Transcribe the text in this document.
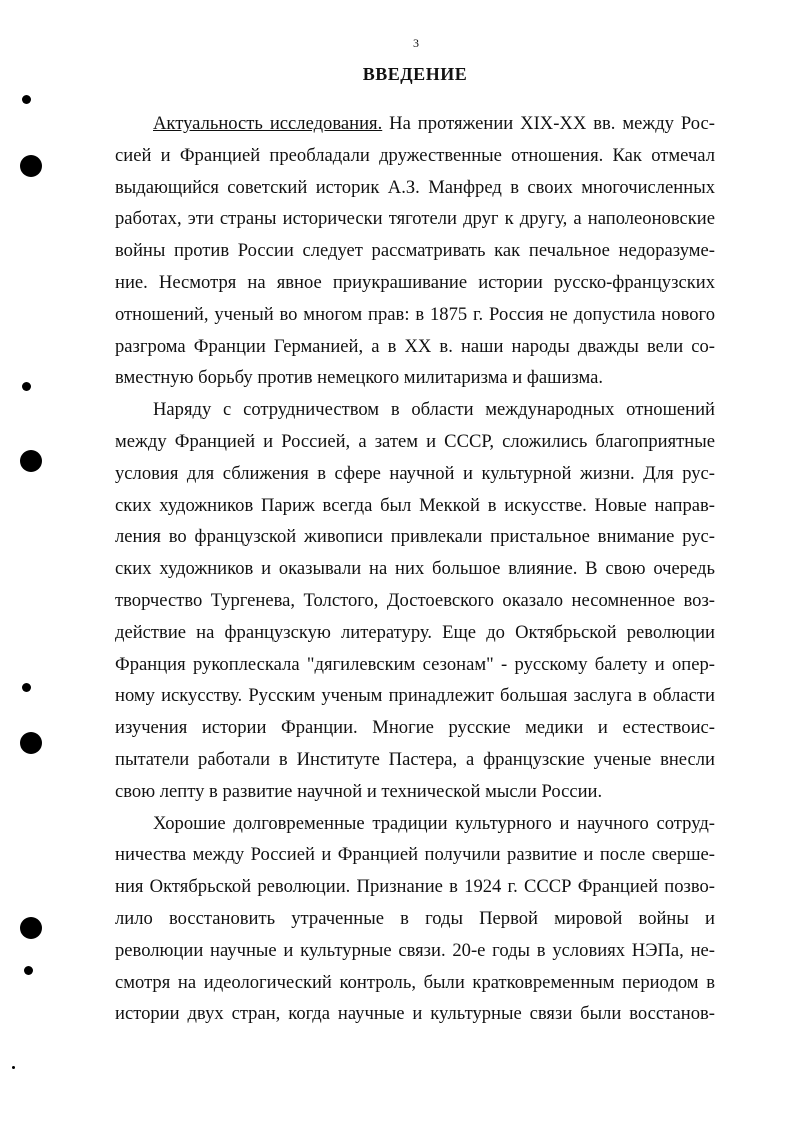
3
ВВЕДЕНИЕ
Актуальность исследования. На протяжении XIX-XX вв. между Рос-
сией и Францией преобладали дружественные отношения. Как отмечал
выдающийся советский историк А.З. Манфред в своих многочисленных
работах, эти страны исторически тяготели друг к другу, а наполеоновские
войны против России следует рассматривать как печальное недоразуме-
ние. Несмотря на явное приукрашивание истории русско-французских
отношений, ученый во многом прав: в 1875 г. Россия не допустила нового
разгрома Франции Германией, а в XX в. наши народы дважды вели со-
вместную борьбу против немецкого милитаризма и фашизма.
Наряду с сотрудничеством в области международных отношений
между Францией и Россией, а затем и СССР, сложились благоприятные
условия для сближения в сфере научной и культурной жизни. Для рус-
ских художников Париж всегда был Меккой в искусстве. Новые направ-
ления во французской живописи привлекали пристальное внимание рус-
ских художников и оказывали на них большое влияние. В свою очередь
творчество Тургенева, Толстого, Достоевского оказало несомненное воз-
действие на французскую литературу. Еще до Октябрьской революции
Франция рукоплескала "дягилевским сезонам" - русскому балету и опер-
ному искусству. Русским ученым принадлежит большая заслуга в области
изучения истории Франции. Многие русские медики и естествоис-
пытатели работали в Институте Пастера, а французские ученые внесли
свою лепту в развитие научной и технической мысли России.
Хорошие долговременные традиции культурного и научного сотруд-
ничества между Россией и Францией получили развитие и после сверше-
ния Октябрьской революции. Признание в 1924 г. СССР Францией позво-
лило восстановить утраченные в годы Первой мировой войны и
революции научные и культурные связи. 20-е годы в условиях НЭПа, не-
смотря на идеологический контроль, были кратковременным периодом в
истории двух стран, когда научные и культурные связи были восстанов-
